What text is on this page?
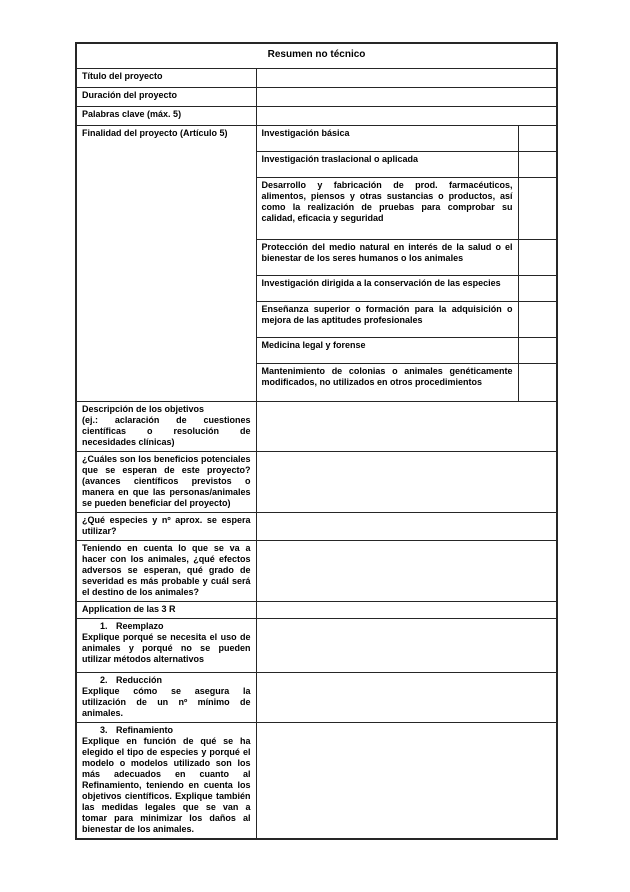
Resumen no técnico		
Título del proyecto		
Duración del proyecto		
Palabras clave (máx. 5)		
Finalidad del proyecto (Artículo 5)	Investigación básica	
	Investigación traslacional o aplicada	
	Desarrollo y fabricación de prod. farmacéuticos, alimentos, piensos y otras sustancias o productos, así como la realización de pruebas para comprobar su calidad, eficacia y seguridad	
	Protección del medio natural en interés de la salud o el bienestar de los seres humanos o los animales	
	Investigación dirigida a la conservación de las especies	
	Enseñanza superior o formación para la adquisición o mejora de las aptitudes profesionales	
	Medicina legal y forense	
	Mantenimiento de colonias o animales genéticamente modificados, no utilizados en otros procedimientos	

Descripción de los objetivos
(ej.: aclaración de cuestiones científicas o resolución de necesidades clínicas)		

¿Cuáles son los beneficios potenciales que se esperan de este proyecto? (avances científicos previstos o manera en que las personas/animales se pueden beneficiar del proyecto)		
¿Qué especies y nº aprox. se espera utilizar?		
Teniendo en cuenta lo que se va a hacer con los animales, ¿qué efectos adversos se esperan, qué grado de severidad es más probable y cuál será el destino de los animales?		
Application de las 3 R		

1. Reemplazo
Explique porqué se necesita el uso de animales y porqué no se pueden utilizar métodos alternativos		

2. Reducción
Explique cómo se asegura la utilización de un nº mínimo de animales.		

3. Refinamiento
Explique en función de qué se ha elegido el tipo de especies y porqué el modelo o modelos utilizado son los más adecuados en cuanto al Refinamiento, teniendo en cuenta los objetivos científicos. Explique también las medidas legales que se van a tomar para minimizar los daños al bienestar de los animales.		
